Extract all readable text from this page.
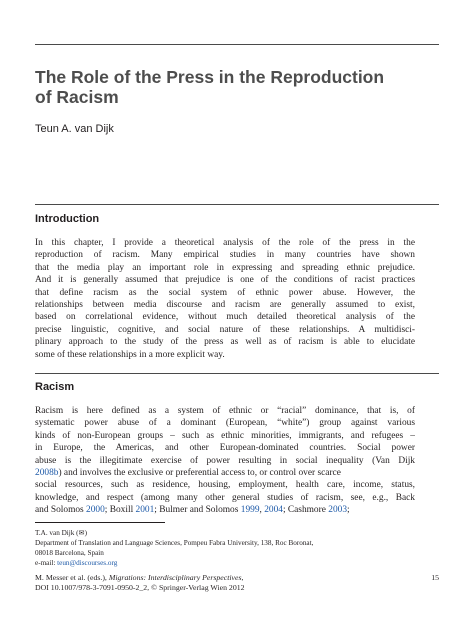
The Role of the Press in the Reproduction
of Racism
Teun A. van Dijk
Introduction
In this chapter, I provide a theoretical analysis of the role of the press in the
reproduction of racism. Many empirical studies in many countries have shown
that the media play an important role in expressing and spreading ethnic prejudice.
And it is generally assumed that prejudice is one of the conditions of racist practices
that define racism as the social system of ethnic power abuse. However, the
relationships between media discourse and racism are generally assumed to exist,
based on correlational evidence, without much detailed theoretical analysis of the
precise linguistic, cognitive, and social nature of these relationships. A multidisci-
plinary approach to the study of the press as well as of racism is able to elucidate
some of these relationships in a more explicit way.
Racism
Racism is here defined as a system of ethnic or “racial” dominance, that is, of
systematic power abuse of a dominant (European, “white”) group against various
kinds of non-European groups – such as ethnic minorities, immigrants, and refugees –
in Europe, the Americas, and other European-dominated countries. Social power
abuse is the illegitimate exercise of power resulting in social inequality (Van Dijk
2008b) and involves the exclusive or preferential access to, or control over scarce
social resources, such as residence, housing, employment, health care, income, status,
knowledge, and respect (among many other general studies of racism, see, e.g., Back
and Solomos 2000; Boxill 2001; Bulmer and Solomos 1999, 2004; Cashmore 2003;
T.A. van Dijk (✉)
Department of Translation and Language Sciences, Pompeu Fabra University, 138, Roc Boronat,
08018 Barcelona, Spain
e-mail: teun@discourses.org
M. Messer et al. (eds.), Migrations: Interdisciplinary Perspectives,
DOI 10.1007/978-3-7091-0950-2_2, © Springer-Verlag Wien 2012
15
